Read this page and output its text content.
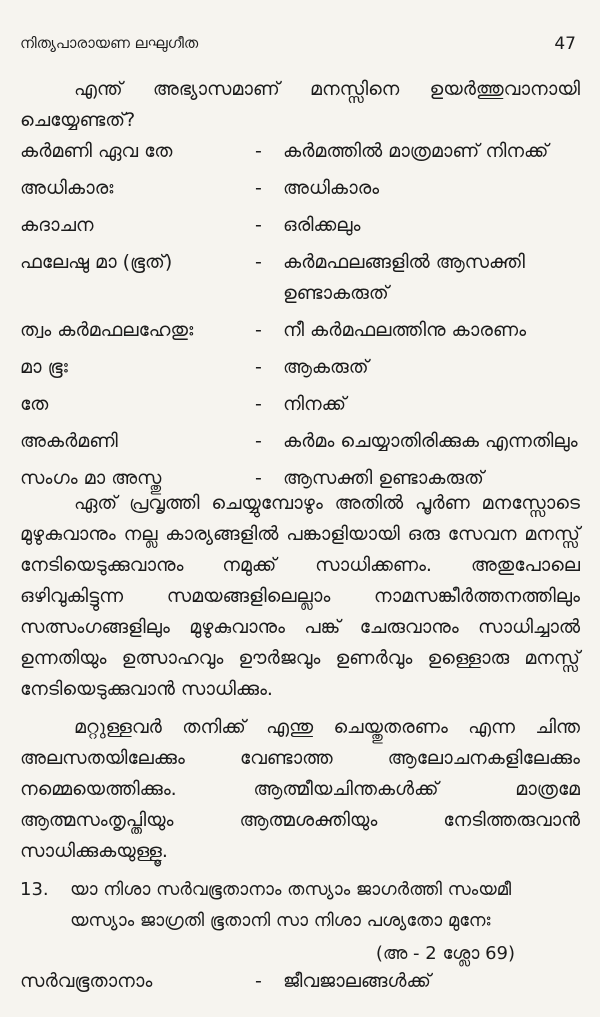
നിത്യപാരായണ ലഘുഗീത	47

എന്ത് അഭ്യാസമാണ് മനസ്സിനെ ഉയർത്തുവാനായി ചെയ്യേണ്ടത്?

കർമണി ഏവ തേ	- കർമത്തിൽ മാത്രമാണ് നിനക്ക്
അധികാരഃ	- അധികാരം
കദാചന	- ഒരിക്കലും
ഫലേഷു മാ (ഭൂത്)	- കർമഫലങ്ങളിൽ ആസക്തി ഉണ്ടാകരുത്
ത്വം കർമഫലഹേതുഃ	- നീ കർമഫലത്തിനു കാരണം
മാ ഭൂഃ	- ആകരുത്
തേ	- നിനക്ക്
അകർമണി	- കർമം ചെയ്യാതിരിക്കുക എന്നതിലും
സംഗം മാ അസ്തു	- ആസക്തി ഉണ്ടാകരുത്

ഏത് പ്രവൃത്തി ചെയ്യുമ്പോഴും അതിൽ പൂർണ മനസ്സോടെ മുഴുകുവാനും നല്ല കാര്യങ്ങളിൽ പങ്കാളിയായി ഒരു സേവന മനസ്സ് നേടിയെടുക്കുവാനും നമുക്ക് സാധിക്കണം. അതുപോലെ ഒഴിവുകിട്ടുന്ന സമയങ്ങളിലെല്ലാം നാമസങ്കീർത്തനത്തിലും സത്സംഗങ്ങളിലും മുഴുകുവാനും പങ്ക് ചേരുവാനും സാധിച്ചാൽ ഉന്നതിയും ഉത്സാഹവും ഊർജവും ഉണർവും ഉള്ളൊരു മനസ്സ് നേടിയെടുക്കുവാൻ സാധിക്കും.

മറ്റുള്ളവർ തനിക്ക് എന്തു ചെയ്തുതരണം എന്ന ചിന്ത അലസതയിലേക്കും വേണ്ടാത്ത ആലോചനകളിലേക്കും നമ്മെയെത്തിക്കും. ആത്മീയചിന്തകൾക്ക് മാത്രമേ ആത്മസംതൃപ്തിയും ആത്മശക്തിയും നേടിത്തരുവാൻ സാധിക്കുകയുള്ളൂ.

13.	യാ നിശാ സർവഭൂതാനാം തസ്യാം ജാഗർത്തി സംയമീ
യസ്യാം ജാഗ്രതി ഭൂതാനി സാ നിശാ പശ്യതോ മുനേഃ
(അ - 2 ശ്ലോ 69)
സർവഭൂതാനാം	- ജീവജാലങ്ങൾക്ക്
